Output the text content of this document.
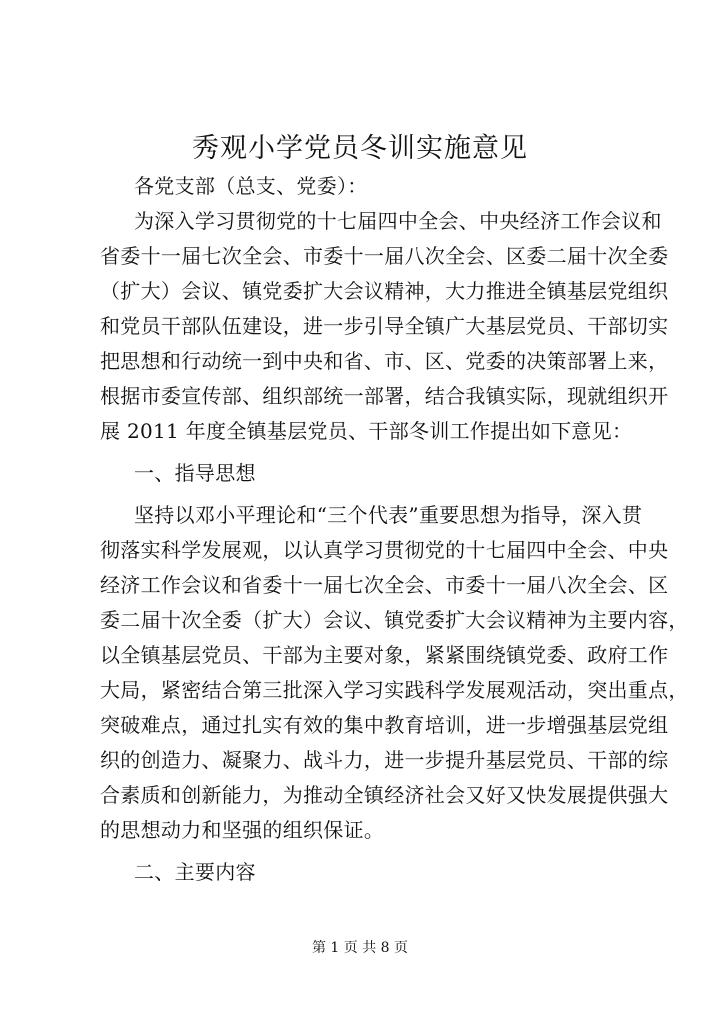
秀观小学党员冬训实施意见
各党支部（总支、党委）：
为深入学习贯彻党的十七届四中全会、中央经济工作会议和
省委十一届七次全会、市委十一届八次全会、区委二届十次全委
（扩大）会议、镇党委扩大会议精神，大力推进全镇基层党组织
和党员干部队伍建设，进一步引导全镇广大基层党员、干部切实
把思想和行动统一到中央和省、市、区、党委的决策部署上来，
根据市委宣传部、组织部统一部署，结合我镇实际，现就组织开
展 2011 年度全镇基层党员、干部冬训工作提出如下意见：
一、指导思想
坚持以邓小平理论和“三个代表”重要思想为指导，深入贯
彻落实科学发展观，以认真学习贯彻党的十七届四中全会、中央
经济工作会议和省委十一届七次全会、市委十一届八次全会、区
委二届十次全委（扩大）会议、镇党委扩大会议精神为主要内容，
以全镇基层党员、干部为主要对象，紧紧围绕镇党委、政府工作
大局，紧密结合第三批深入学习实践科学发展观活动，突出重点，
突破难点，通过扎实有效的集中教育培训，进一步增强基层党组
织的创造力、凝聚力、战斗力，进一步提升基层党员、干部的综
合素质和创新能力，为推动全镇经济社会又好又快发展提供强大
的思想动力和坚强的组织保证。
二、主要内容
第 1 页 共 8 页
